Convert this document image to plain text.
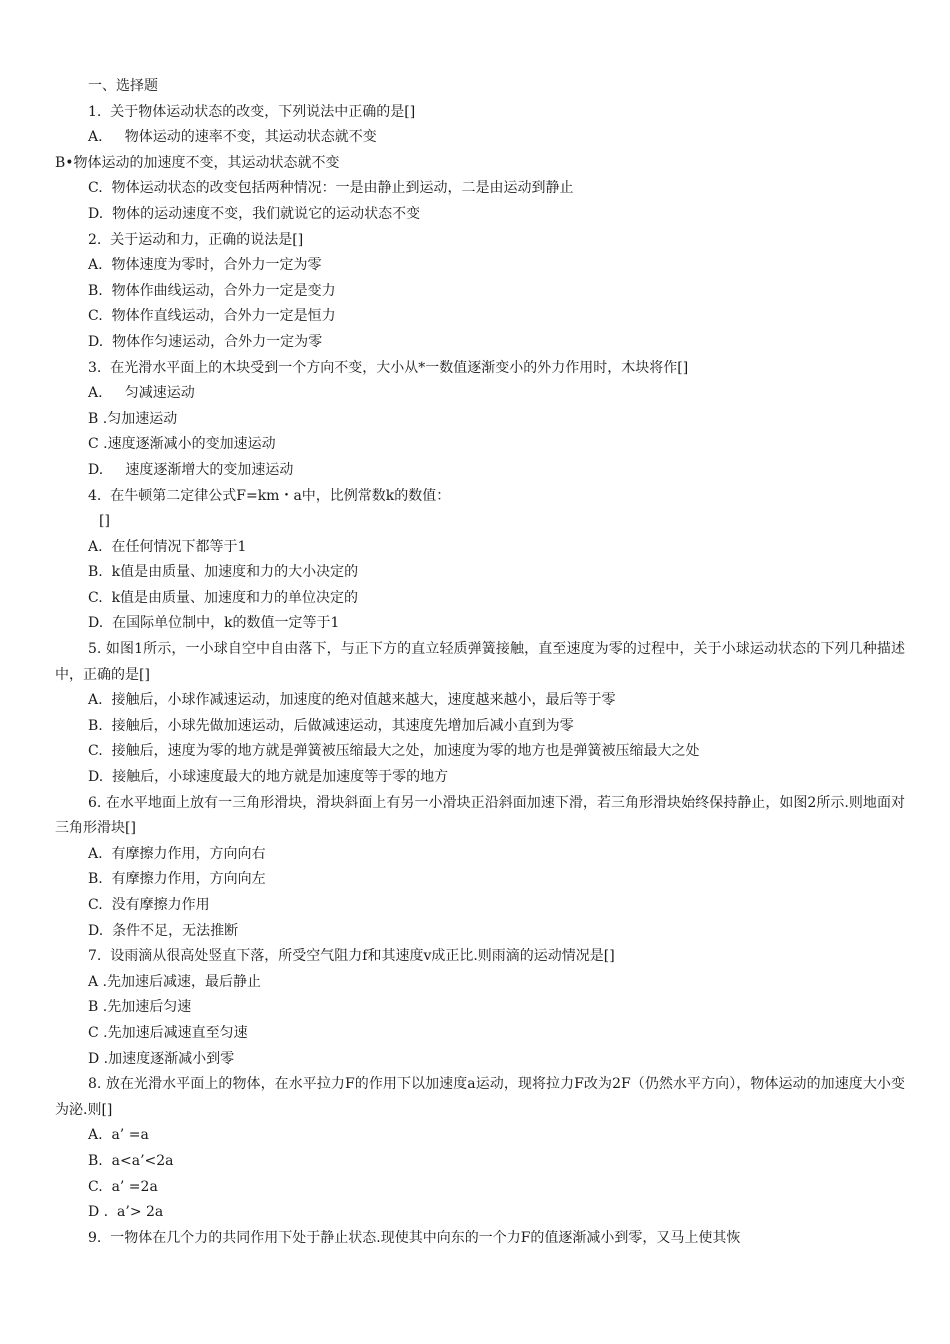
一、选择题
1.  关于物体运动状态的改变，下列说法中正确的是[]
A.     物体运动的速率不变，其运动状态就不变
B•物体运动的加速度不变，其运动状态就不变
C.  物体运动状态的改变包括两种情况：一是由静止到运动，二是由运动到静止
D.  物体的运动速度不变，我们就说它的运动状态不变
2.  关于运动和力，正确的说法是[]
A.  物体速度为零时，合外力一定为零
B.  物体作曲线运动，合外力一定是变力
C.  物体作直线运动，合外力一定是恒力
D.  物体作匀速运动，合外力一定为零
3.  在光滑水平面上的木块受到一个方向不变，大小从*一数值逐渐变小的外力作用时，木块将作[]
A.     匀减速运动
B .匀加速运动
C .速度逐渐减小的变加速运动
D.     速度逐渐增大的变加速运动
4.  在牛顿第二定律公式F=km・a中，比例常数k的数值：
[]
A.  在任何情况下都等于1
B.  k值是由质量、加速度和力的大小决定的
C.  k值是由质量、加速度和力的单位决定的
D.  在国际单位制中，k的数值一定等于1
5. 如图1所示，一小球自空中自由落下，与正下方的直立轻质弹簧接触，直至速度为零的过程中，关于小球运动状态的下列几种描述中，正确的是[]
A.  接触后，小球作减速运动，加速度的绝对值越来越大，速度越来越小，最后等于零
B.  接触后，小球先做加速运动，后做减速运动，其速度先增加后减小直到为零
C.  接触后，速度为零的地方就是弹簧被压缩最大之处，加速度为零的地方也是弹簧被压缩最大之处
D.  接触后，小球速度最大的地方就是加速度等于零的地方
6. 在水平地面上放有一三角形滑块，滑块斜面上有另一小滑块正沿斜面加速下滑，若三角形滑块始终保持静止，如图2所示.则地面对三角形滑块[]
A.  有摩擦力作用，方向向右
B.  有摩擦力作用，方向向左
C.  没有摩擦力作用
D.  条件不足，无法推断
7.  设雨滴从很高处竖直下落，所受空气阻力f和其速度v成正比.则雨滴的运动情况是[]
A .先加速后减速，最后静止
B .先加速后匀速
C .先加速后减速直至匀速
D .加速度逐渐减小到零
8. 放在光滑水平面上的物体，在水平拉力F的作用下以加速度a运动，现将拉力F改为2F（仍然水平方向），物体运动的加速度大小变为泌.则[]
A.  a’ =a
B.  a<a’<2a
C.  a’ =2a
D .  a’> 2a
9.  一物体在几个力的共同作用下处于静止状态.现使其中向东的一个力F的值逐渐减小到零，又马上使其恢
